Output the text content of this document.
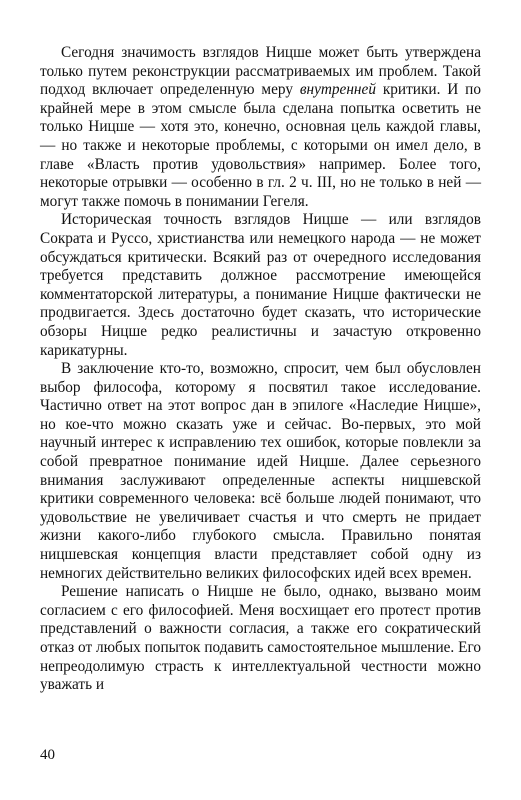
Сегодня значимость взглядов Ницше может быть утверждена только путем реконструкции рассматриваемых им проблем. Такой подход включает определенную меру внутренней критики. И по крайней мере в этом смысле была сделана попытка осветить не только Ницше — хотя это, конечно, основная цель каждой главы, — но также и некоторые проблемы, с которыми он имел дело, в главе «Власть против удовольствия» например. Более того, некоторые отрывки — особенно в гл. 2 ч. III, но не только в ней — могут также помочь в понимании Гегеля.

Историческая точность взглядов Ницше — или взглядов Сократа и Руссо, христианства или немецкого народа — не может обсуждаться критически. Всякий раз от очередного исследования требуется представить должное рассмотрение имеющейся комментаторской литературы, а понимание Ницше фактически не продвигается. Здесь достаточно будет сказать, что исторические обзоры Ницше редко реалистичны и зачастую откровенно карикатурны.

В заключение кто-то, возможно, спросит, чем был обусловлен выбор философа, которому я посвятил такое исследование. Частично ответ на этот вопрос дан в эпилоге «Наследие Ницше», но кое-что можно сказать уже и сейчас. Во-первых, это мой научный интерес к исправлению тех ошибок, которые повлекли за собой превратное понимание идей Ницше. Далее серьезного внимания заслуживают определенные аспекты ницшевской критики современного человека: всё больше людей понимают, что удовольствие не увеличивает счастья и что смерть не придает жизни какого-либо глубокого смысла. Правильно понятая ницшевская концепция власти представляет собой одну из немногих действительно великих философских идей всех времен.

Решение написать о Ницше не было, однако, вызвано моим согласием с его философией. Меня восхищает его протест против представлений о важности согласия, а также его сократический отказ от любых попыток подавить самостоятельное мышление. Его непреодолимую страсть к интеллектуальной честности можно уважать и

40
